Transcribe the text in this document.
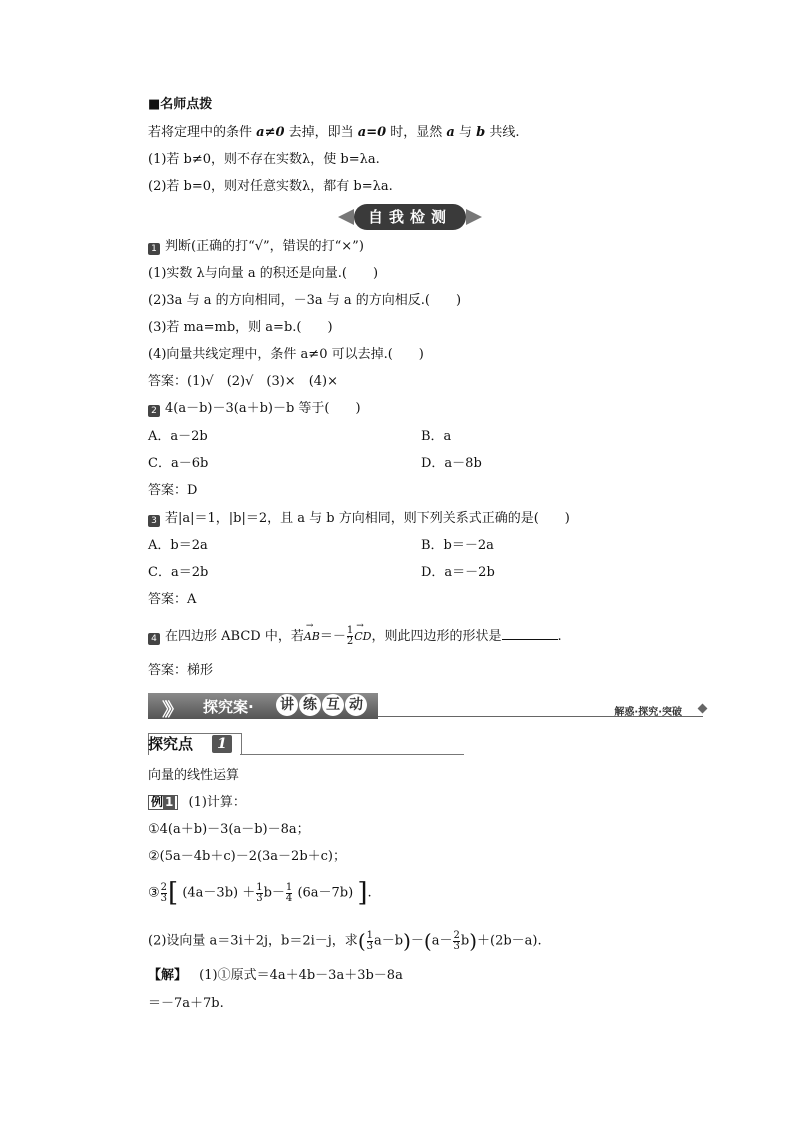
■名师点拨
若将定理中的条件 a≠0 去掉，即当 a=0 时，显然 a 与 b 共线.
(1)若 b≠0，则不存在实数λ，使 b=λa.
(2)若 b=0，则对任意实数λ，都有 b=λa.
自我检测
1 判断(正确的打“√”，错误的打“×”)
(1)实数 λ与向量 a 的积还是向量.(　　)
(2)3a 与 a 的方向相同，－3a 与 a 的方向相反.(　　)
(3)若 ma=mb，则 a=b.(　　)
(4)向量共线定理中，条件 a≠0 可以去掉.(　　)
答案：(1)√　(2)√　(3)×　(4)×
2 4(a－b)－3(a＋b)－b 等于(　　)
A．a－2b	B．a
C．a－6b	D．a－8b
答案：D
3 若|a|＝1，|b|＝2，且 a 与 b 方向相同，则下列关系式正确的是(　　)
A．b＝2a	B．b＝－2a
C．a＝2b	D．a＝－2b
答案：A
4 在四边形 ABCD 中，若→ $AB=- \frac{1}{2}$
→ CD，则此四边形的形状是	.
答案：梯形
》》 探究案· 讲 练 互 动	解惑·探究·突破
探究点	1
向量的线性运算
例 1 (1)计算：
①4(a＋b)－3(a－b)－8a；
②(5a－4b＋c)－2(3a－2b＋c)；
③ $\frac{2}{3}$ [ $(4a-3b) + \frac{1}{3} b- \frac{1}{4} (6a-7b)$ ].
(2)设向量 a＝3i＋2j，b＝2i－j，求( $\frac{1}{3} a-b)-(a- \frac{2}{3} b)+(2b-a)$.
【解】 (1)①原式＝4a＋4b－3a＋3b－8a
＝－7a＋7b.
